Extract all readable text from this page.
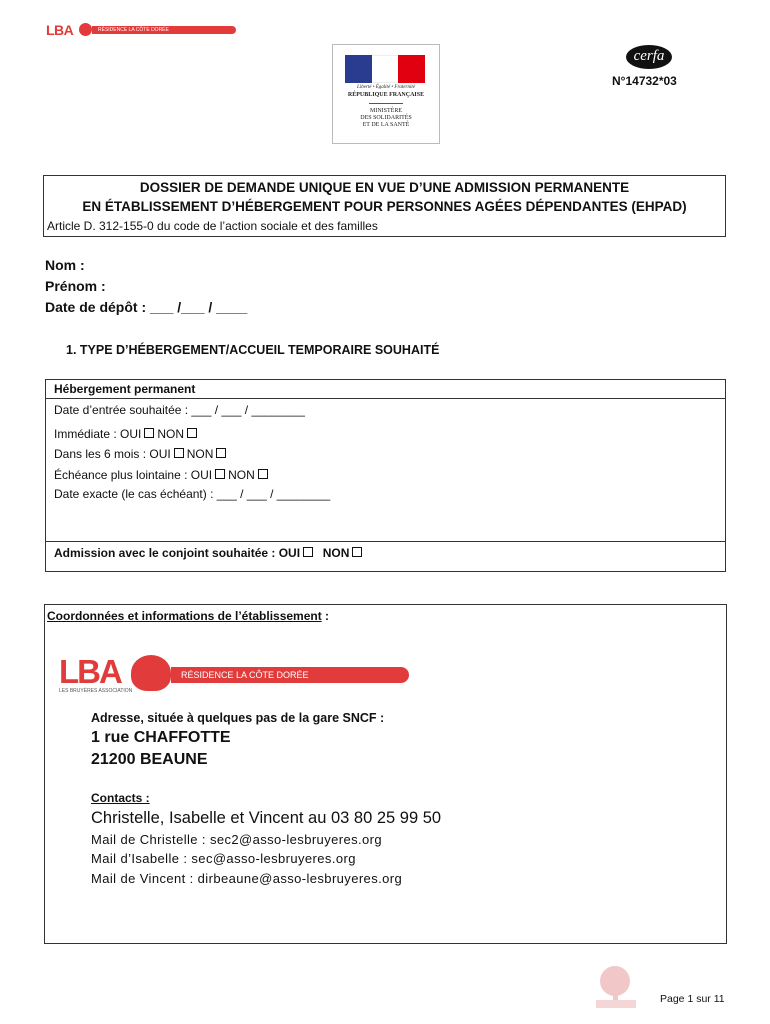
LBA	RÉSIDENCE LA CÔTE DORÉE
Liberté • Égalité • Fraternité
RÉPUBLIQUE FRANÇAISE
MINISTÈRE
DES SOLIDARITÉS
ET DE LA SANTÉ
cerfa
N°14732*03
DOSSIER DE DEMANDE UNIQUE EN VUE D’UNE ADMISSION PERMANENTE
EN ÉTABLISSEMENT D’HÉBERGEMENT POUR PERSONNES AGÉES DÉPENDANTES (EHPAD)
Article D. 312-155-0 du code de l’action sociale et des familles
Nom :
Prénom :
Date de dépôt : ___ /___ / ____
1. TYPE D’HÉBERGEMENT/ACCUEIL TEMPORAIRE SOUHAITÉ
Hébergement permanent
Date d’entrée souhaitée : ___ / ___ / ________
Immédiate : OUI NON
Dans les 6 mois : OUI NON
Échéance plus lointaine : OUI NON
Date exacte (le cas échéant) : ___ / ___ / ________
Admission avec le conjoint souhaitée : OUI NON
Coordonnées et informations de l’établissement :
LBA
LES BRUYÈRES ASSOCIATION
RÉSIDENCE LA CÔTE DORÉE
Adresse, située à quelques pas de la gare SNCF :
1 rue CHAFFOTTE
21200 BEAUNE
Contacts :
Christelle, Isabelle et Vincent au 03 80 25 99 50
Mail de Christelle : sec2@asso-lesbruyeres.org
Mail d’Isabelle : sec@asso-lesbruyeres.org
Mail de Vincent : dirbeaune@asso-lesbruyeres.org
Page 1 sur 11
